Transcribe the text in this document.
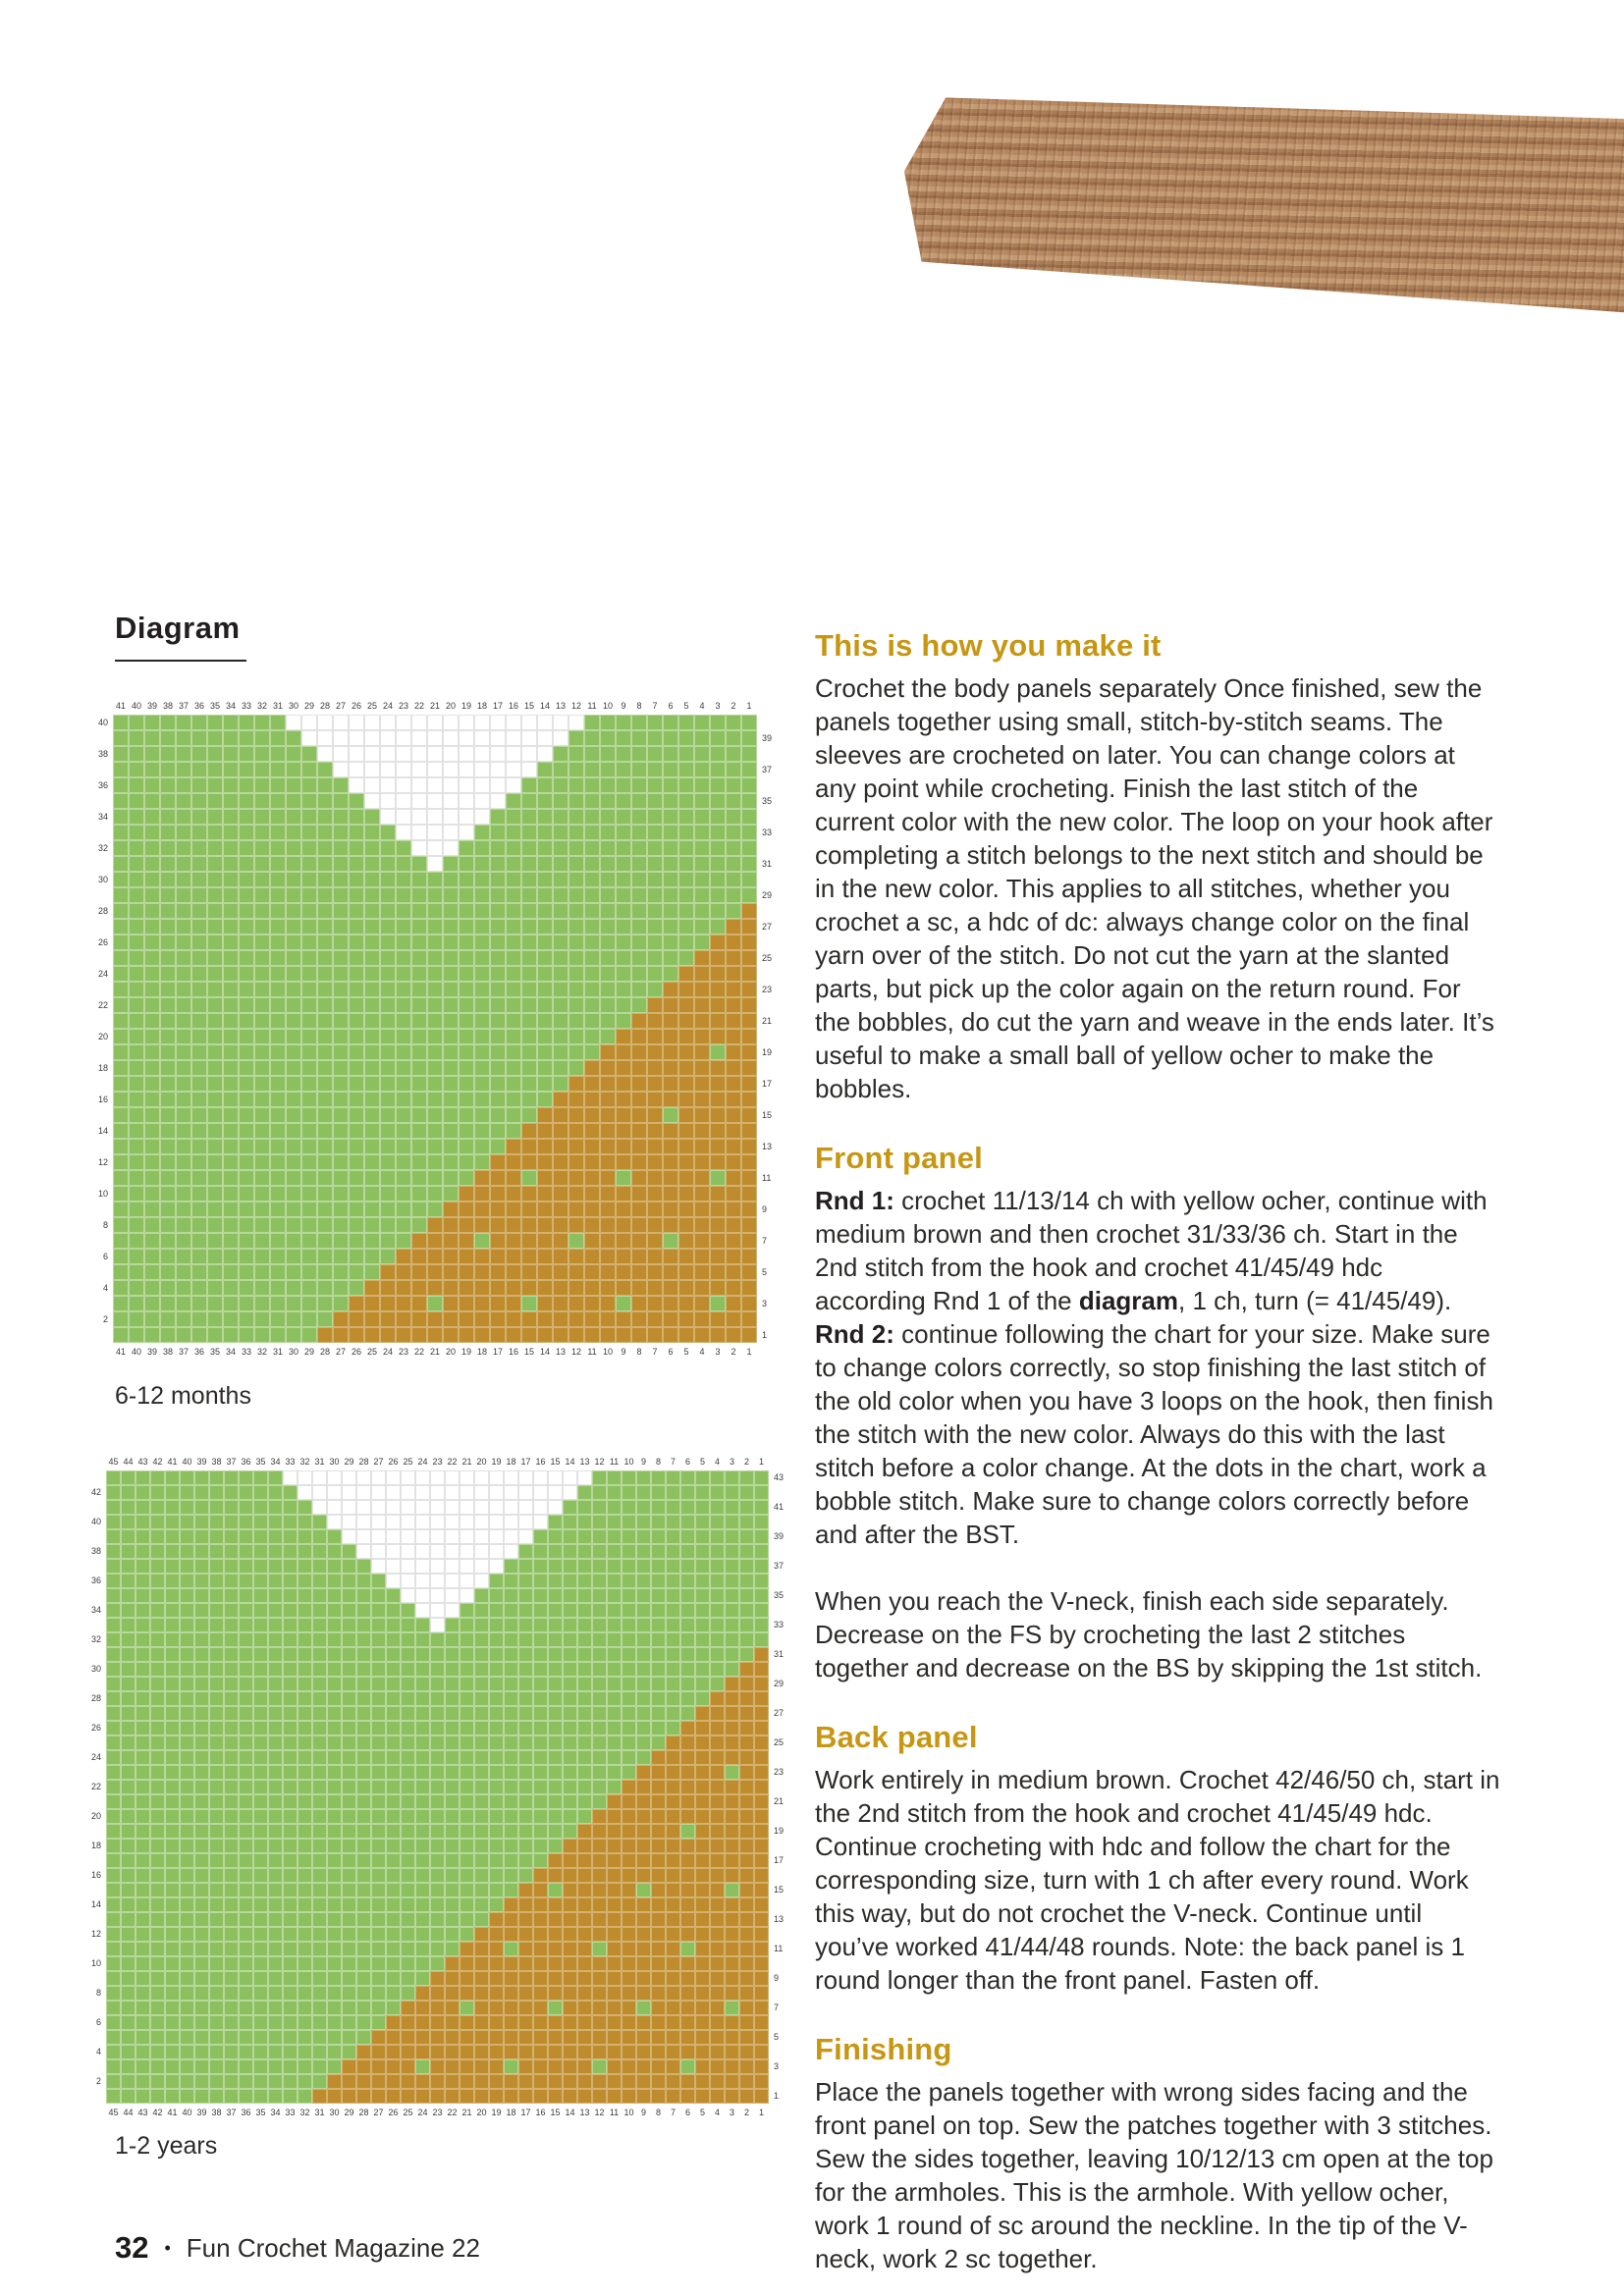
Diagram
41 40 39 38 37 36 35 34 33 32 31 30 29 28 27 26 25 24 23 22 21 20 19 18 17 16 15 14 13 12 11 10 9	8	7	6	5	4	3	2	1
41 40 39 38 37 36 35 34 33 32 31 30 29 28 27 26 25 24 23 22 21 20 19 18 17 16 15 14 13 12 11 10 9	8	7	6	5	4	3	2	1
40
38
36
34
32
30
28
26
24
22
20
18
16
14
12
10
8
6
4
2
39
37
35
33
31
29
27
25
23
21
19
17
15
13
11
9
7
5
3
1
6-12 months
45 44 43 42 41 40 39 38 37 36 35 34 33 32 31 30 29 28 27 26 25 24 23 22 21 20 19 18 17 16 15 14 13 12 11 10 9	8	7	6	5	4	3	2	1
45 44 43 42 41 40 39 38 37 36 35 34 33 32 31 30 29 28 27 26 25 24 23 22 21 20 19 18 17 16 15 14 13 12 11 10 9	8	7	6	5	4	3	2	1
42
40
38
36
34
32
30
28
26
24
22
20
18
16
14
12
10
8
6
4
2
43
41
39
37
35
33
31
29
27
25
23
21
19
17
15
13
11
9
7
5
3
1
1-2 years
This is how you make it

Crochet the body panels separately Once finished, sew the panels together using small, stitch-by-stitch seams. The sleeves are crocheted on later. You can change colors at any point while crocheting. Finish the last stitch of the current color with the new color. The loop on your hook after completing a stitch belongs to the next stitch and should be in the new color. This applies to all stitches, whether you crochet a sc, a hdc of dc: always change color on the final yarn over of the stitch. Do not cut the yarn at the slanted parts, but pick up the color again on the return round. For the bobbles, do cut the yarn and weave in the ends later. It’s useful to make a small ball of yellow ocher to make the bobbles.

Front panel

Rnd 1: crochet 11/13/14 ch with yellow ocher, continue with medium brown and then crochet 31/33/36 ch. Start in the 2nd stitch from the hook and crochet 41/45/49 hdc according Rnd 1 of the diagram, 1 ch, turn (= 41/45/49).

Rnd 2: continue following the chart for your size. Make sure to change colors correctly, so stop finishing the last stitch of the old color when you have 3 loops on the hook, then finish the stitch with the new color. Always do this with the last stitch before a color change. At the dots in the chart, work a bobble stitch. Make sure to change colors correctly before and after the BST.

When you reach the V-neck, finish each side separately. Decrease on the FS by crocheting the last 2 stitches together and decrease on the BS by skipping the 1st stitch.

Back panel

Work entirely in medium brown. Crochet 42/46/50 ch, start in the 2nd stitch from the hook and crochet 41/45/49 hdc. Continue crocheting with hdc and follow the chart for the corresponding size, turn with 1 ch after every round. Work this way, but do not crochet the V-neck. Continue until you’ve worked 41/44/48 rounds. Note: the back panel is 1 round longer than the front panel. Fasten off.

Finishing

Place the panels together with wrong sides facing and the front panel on top. Sew the patches together with 3 stitches. Sew the sides together, leaving 10/12/13 cm open at the top for the armholes. This is the armhole. With yellow ocher, work 1 round of sc around the neckline. In the tip of the V-neck, work 2 sc together.

32 • Fun Crochet Magazine 22
